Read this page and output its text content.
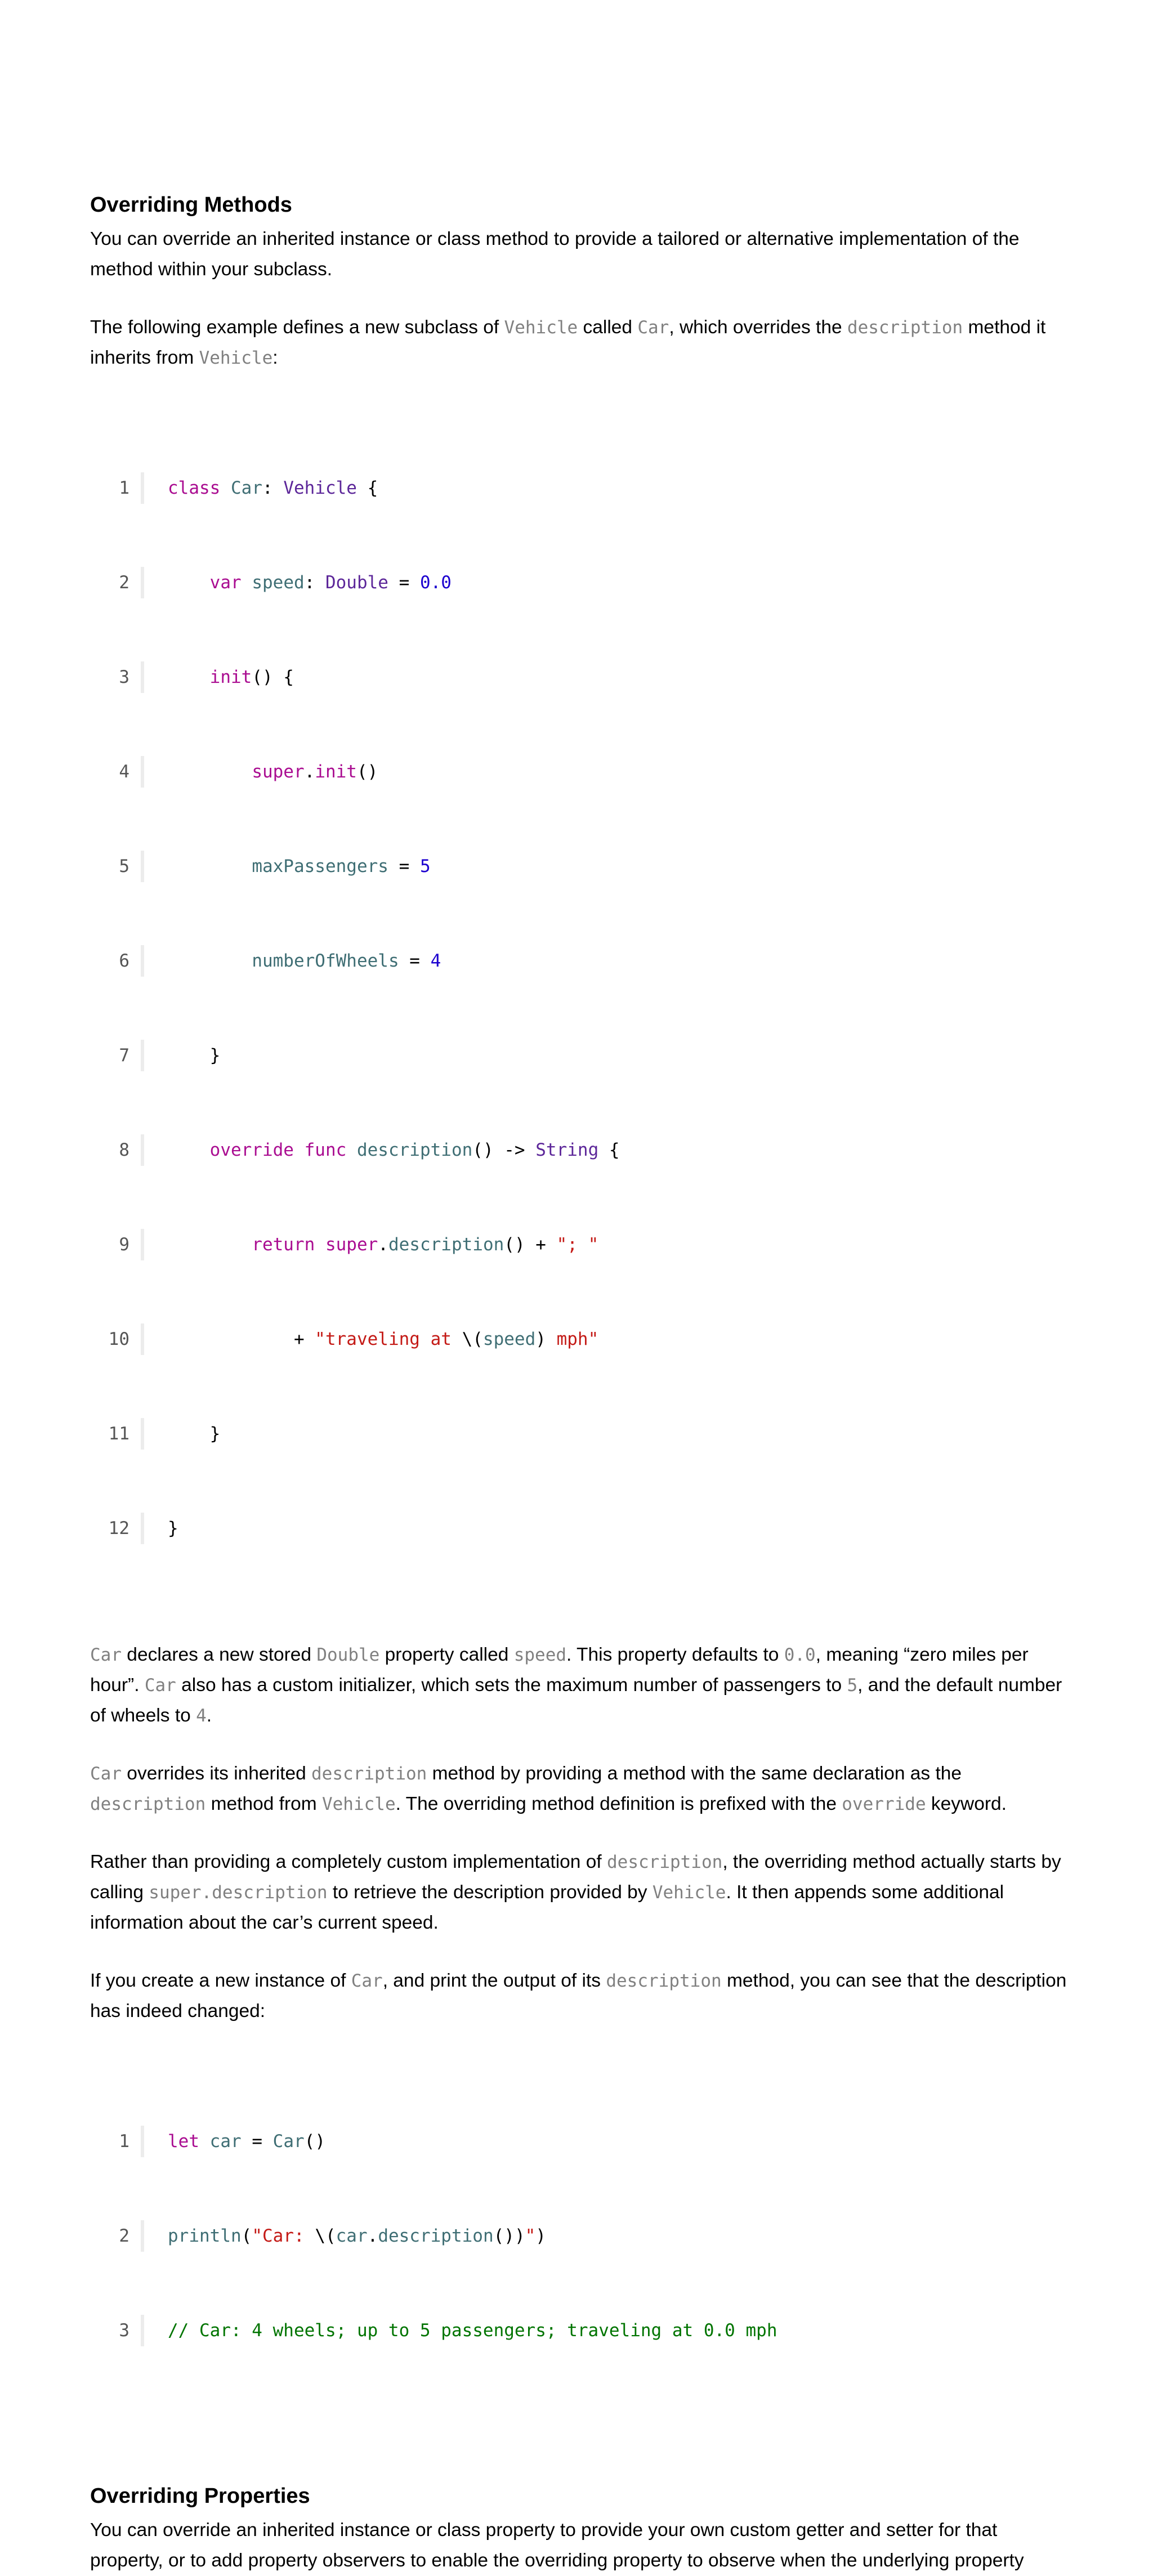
Overriding Methods

You can override an inherited instance or class method to provide a tailored or alternative implementation of the method within your subclass.

The following example defines a new subclass of Vehicle called Car, which overrides the description method it inherits from Vehicle:

1	class
Car : Vehicle {

2
	var
speed : Double = 0.0

3
	init () {

4
	super . init ()

5
	maxPassengers = 5

6
	numberOfWheels = 4

7	}

8
	override
func
description () -> String {

9
	return
super . description () + "; "

10	+ "traveling at \( speed ) mph"

11	}

12	}

Car declares a new stored Double property called speed. This property defaults to 0.0, meaning “zero miles per hour”. Car also has a custom initializer, which sets the maximum number of passengers to 5, and the default number of wheels to 4.

Car overrides its inherited description method by providing a method with the same declaration as the description method from Vehicle. The overriding method definition is prefixed with the override keyword.

Rather than providing a completely custom implementation of description, the overriding method actually starts by calling super.description to retrieve the description provided by Vehicle. It then appends some additional information about the car’s current speed.

If you create a new instance of Car, and print the output of its description method, you can see that the description has indeed changed:

1	let
car = Car ()

2	println ( "Car: \( car . description ()) " )

3	// Car: 4 wheels; up to 5 passengers; traveling at 0.0 mph

Overriding Properties

You can override an inherited instance or class property to provide your own custom getter and setter for that property, or to add property observers to enable the overriding property to observe when the underlying property
